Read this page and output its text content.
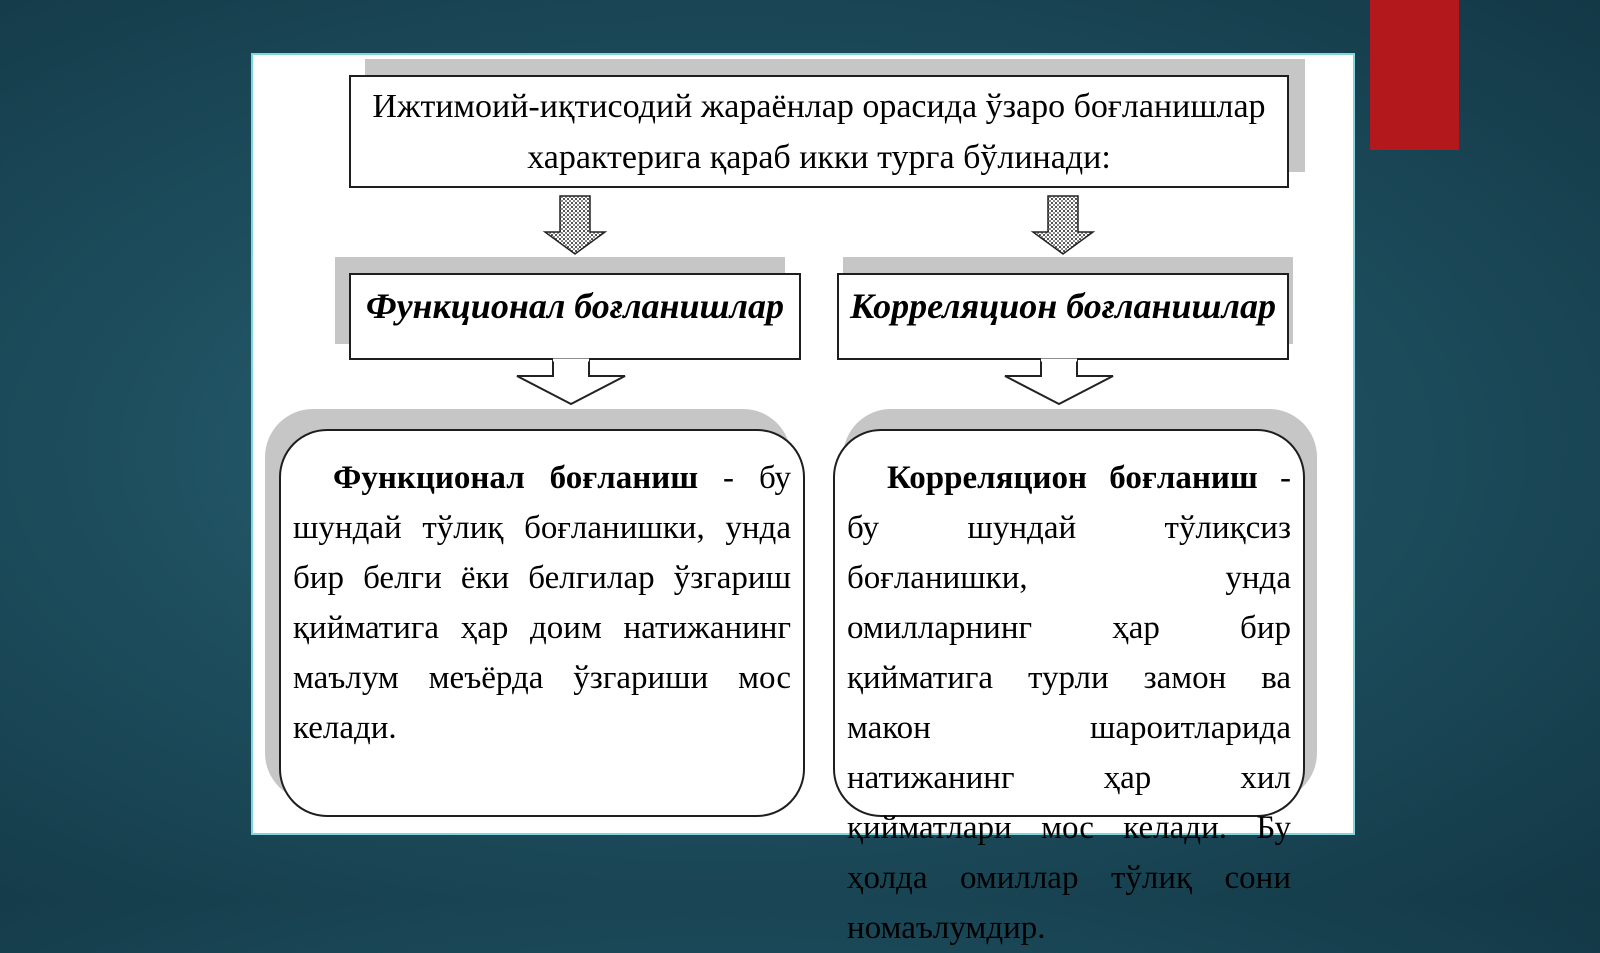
Ижтимоий-иқтисодий жараёнлар орасида ўзаро боғланишлар
характерига қараб икки турга бўлинади:
Функционал боғланишлар Корреляцион боғланишлар
Функционал боғланиш - бу шундай тўлиқ боғланишки, унда бир белги ёки белгилар ўзгариш қийматига ҳар доим натижанинг маълум меъёрда ўзгариши мос келади.
Корреляцион боғланиш - бу шундай тўлиқсиз боғланишки, унда омилларнинг ҳар бир қийматига турли замон ва макон шароитларида натижанинг ҳар хил қийматлари мос келади. Бу ҳолда омиллар тўлиқ сони номаълумдир.
